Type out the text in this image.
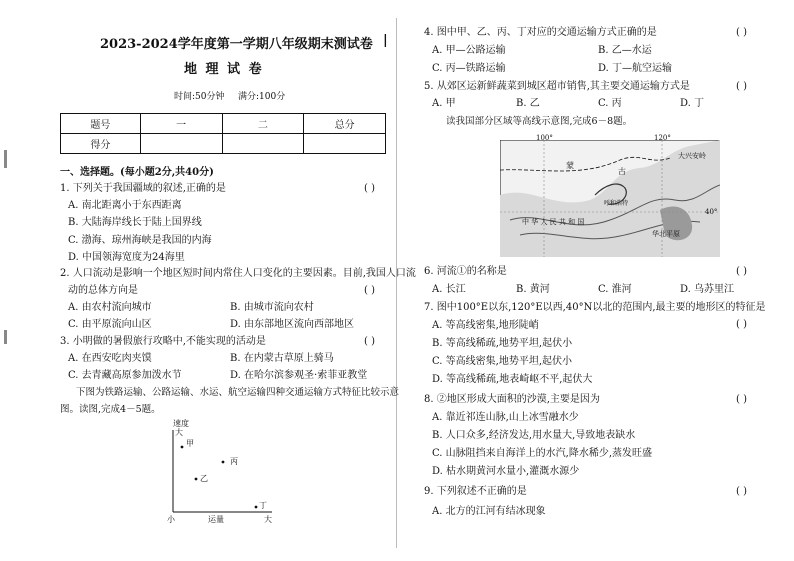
2023-2024学年度第一学期八年级期末测试卷 |
地 理 试 卷
时间:50分钟 满分:100分
题号	一	二	总分
得分			
一、选择题。(每小题2分,共40分)
1. 下列关于我国疆域的叙述,正确的是	( )
A. 南北距离小于东西距离
B. 大陆海岸线长于陆上国界线
C. 渤海、琼州海峡是我国的内海
D. 中国领海宽度为24海里
2. 人口流动是影响一个地区短时间内常住人口变化的主要因素。目前,我国人口流
动的总体方向是	( )
A. 由农村流向城市	B. 由城市流向农村
C. 由平原流向山区	D. 由东部地区流向西部地区
3. 小明做的暑假旅行攻略中,不能实现的活动是	( )
A. 在西安吃肉夹馍	B. 在内蒙古草原上骑马
C. 去青藏高原参加泼水节	D. 在哈尔滨参观圣·索菲亚教堂
下图为铁路运输、公路运输、水运、航空运输四种交通运输方式特征比较示意
图。读图,完成4－5题。
速度
大
甲
乙
丙
丁
小	运量	大
4. 图中甲、乙、丙、丁对应的交通运输方式正确的是	( )
A. 甲—公路运输	B. 乙—水运
C. 丙—铁路运输	D. 丁—航空运输
5. 从郊区运新鲜蔬菜到城区超市销售,其主要交通运输方式是	( )
A. 甲	B. 乙	C. 丙	D. 丁
读我国部分区域等高线示意图,完成6－8题。
100°	120°
40°
蒙
古
呼和浩特
大兴安岭
华北平原
中 华 人 民 共 和 国
6. 河流①的名称是	( )
A. 长江	B. 黄河	C. 淮河	D. 乌苏里江
7. 图中100°E以东,120°E以西,40°N以北的范围内,最主要的地形区的特征是
( )
A. 等高线密集,地形陡峭
B. 等高线稀疏,地势平坦,起伏小
C. 等高线密集,地势平坦,起伏小
D. 等高线稀疏,地表崎岖不平,起伏大
8. ②地区形成大面积的沙漠,主要是因为	( )
A. 靠近祁连山脉,山上冰雪融水少
B. 人口众多,经济发达,用水量大,导致地表缺水
C. 山脉阻挡来自海洋上的水汽,降水稀少,蒸发旺盛
D. 枯水期黄河水量小,灌溉水源少
9. 下列叙述不正确的是	( )
A. 北方的江河有结冰现象
